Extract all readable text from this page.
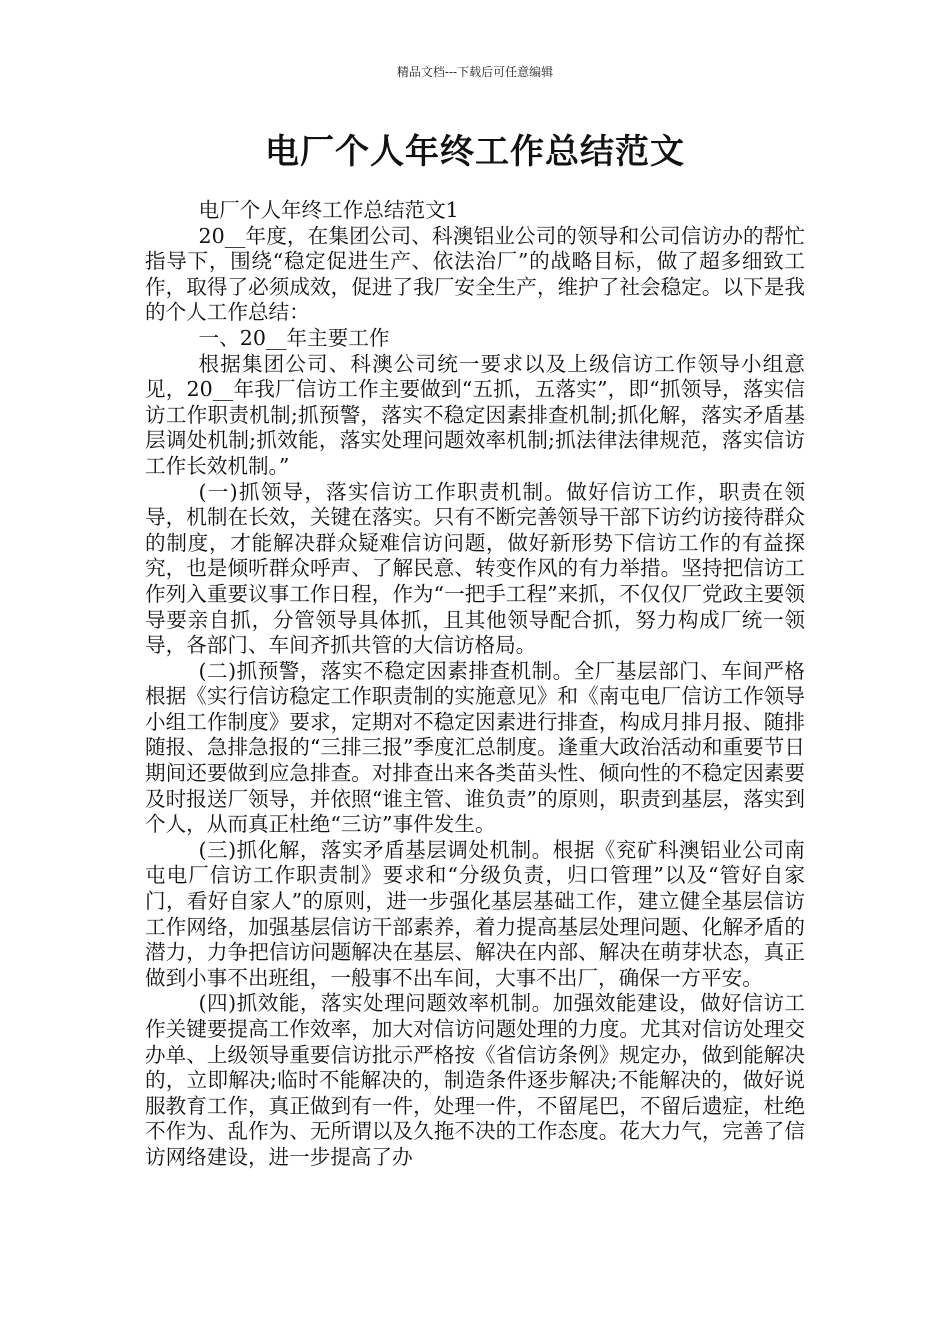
精品文档---下载后可任意编辑
电厂个人年终工作总结范文

电厂个人年终工作总结范文1

20__年度，在集团公司、科澳铝业公司的领导和公司信访办的帮忙指导下，围绕“稳定促进生产、依法治厂”的战略目标，做了超多细致工作，取得了必须成效，促进了我厂安全生产，维护了社会稳定。以下是我的个人工作总结：

一、20__年主要工作

根据集团公司、科澳公司统一要求以及上级信访工作领导小组意见，20__年我厂信访工作主要做到“五抓，五落实”，即“抓领导，落实信访工作职责机制;抓预警，落实不稳定因素排查机制;抓化解，落实矛盾基层调处机制;抓效能，落实处理问题效率机制;抓法律法律规范，落实信访工作长效机制。”

(一)抓领导，落实信访工作职责机制。做好信访工作，职责在领导，机制在长效，关键在落实。只有不断完善领导干部下访约访接待群众的制度，才能解决群众疑难信访问题，做好新形势下信访工作的有益探究，也是倾听群众呼声、了解民意、转变作风的有力举措。坚持把信访工作列入重要议事工作日程，作为“一把手工程”来抓，不仅仅厂党政主要领导要亲自抓，分管领导具体抓，且其他领导配合抓，努力构成厂统一领导，各部门、车间齐抓共管的大信访格局。

(二)抓预警，落实不稳定因素排查机制。全厂基层部门、车间严格根据《实行信访稳定工作职责制的实施意见》和《南屯电厂信访工作领导小组工作制度》要求，定期对不稳定因素进行排查，构成月排月报、随排随报、急排急报的“三排三报”季度汇总制度。逢重大政治活动和重要节日期间还要做到应急排查。对排查出来各类苗头性、倾向性的不稳定因素要及时报送厂领导，并依照“谁主管、谁负责”的原则，职责到基层，落实到个人，从而真正杜绝“三访”事件发生。

(三)抓化解，落实矛盾基层调处机制。根据《兖矿科澳铝业公司南屯电厂信访工作职责制》要求和“分级负责，归口管理”以及“管好自家门，看好自家人”的原则，进一步强化基层基础工作，建立健全基层信访工作网络，加强基层信访干部素养，着力提高基层处理问题、化解矛盾的潜力，力争把信访问题解决在基层、解决在内部、解决在萌芽状态，真正做到小事不出班组，一般事不出车间，大事不出厂，确保一方平安。

(四)抓效能，落实处理问题效率机制。加强效能建设，做好信访工作关键要提高工作效率，加大对信访问题处理的力度。尤其对信访处理交办单、上级领导重要信访批示严格按《省信访条例》规定办，做到能解决的，立即解决;临时不能解决的，制造条件逐步解决;不能解决的，做好说服教育工作，真正做到有一件，处理一件，不留尾巴，不留后遗症，杜绝不作为、乱作为、无所谓以及久拖不决的工作态度。花大力气，完善了信访网络建设，进一步提高了办
